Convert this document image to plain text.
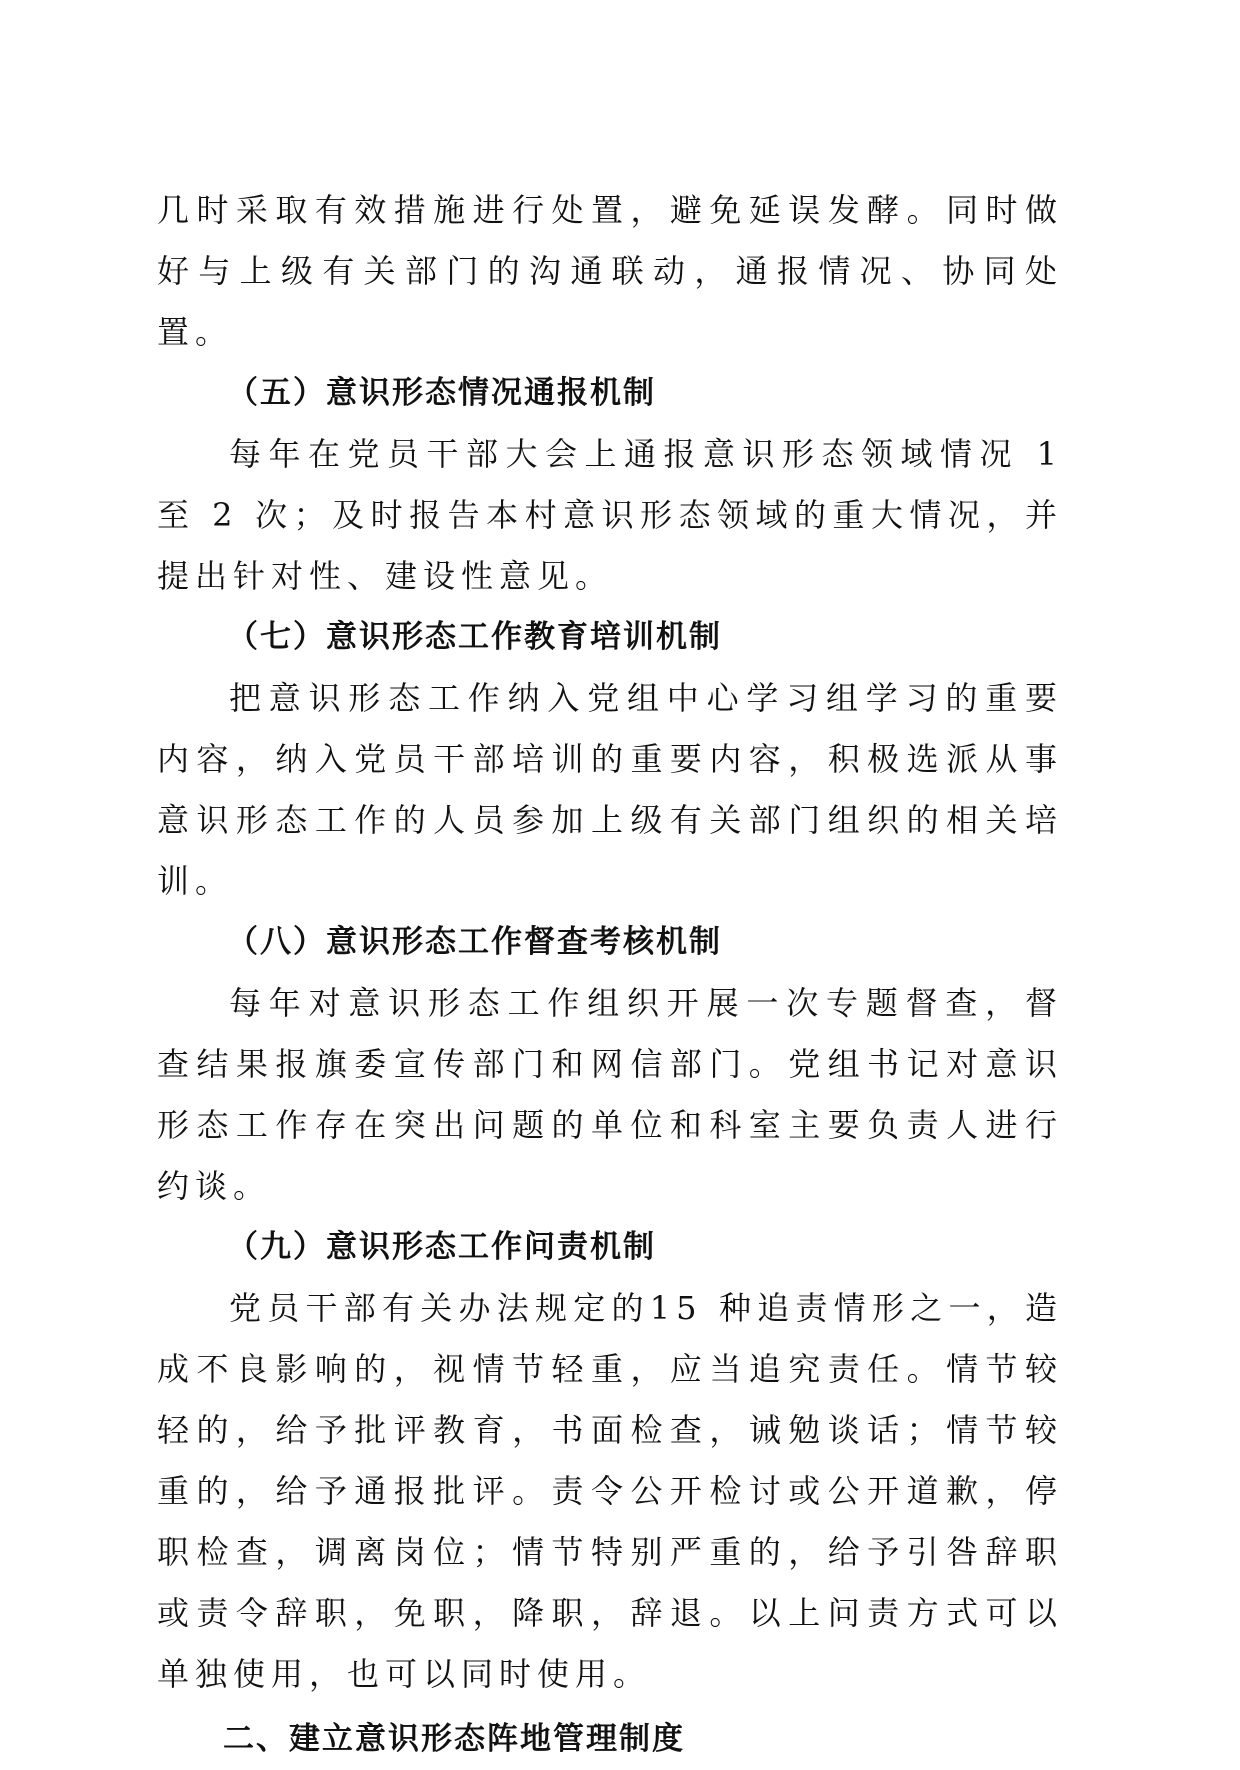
几时采取有效措施进行处置，避免延误发酵。同时做好与上级有关部门的沟通联动，通报情况、协同处置。

（五）意识形态情况通报机制

每年在党员干部大会上通报意识形态领域情况 1 至 2 次；及时报告本村意识形态领域的重大情况，并提出针对性、建设性意见。

（七）意识形态工作教育培训机制

把意识形态工作纳入党组中心学习组学习的重要内容，纳入党员干部培训的重要内容，积极选派从事意识形态工作的人员参加上级有关部门组织的相关培训。

（八）意识形态工作督查考核机制

每年对意识形态工作组织开展一次专题督查，督查结果报旗委宣传部门和网信部门。党组书记对意识形态工作存在突出问题的单位和科室主要负责人进行约谈。

（九）意识形态工作问责机制

党员干部有关办法规定的15 种追责情形之一，造成不良影响的，视情节轻重，应当追究责任。情节较轻的，给予批评教育，书面检查，诫勉谈话；情节较重的，给予通报批评。责令公开检讨或公开道歉，停职检查，调离岗位；情节特别严重的，给予引咎辞职或责令辞职，免职，降职，辞退。以上问责方式可以单独使用，也可以同时使用。

二、建立意识形态阵地管理制度
